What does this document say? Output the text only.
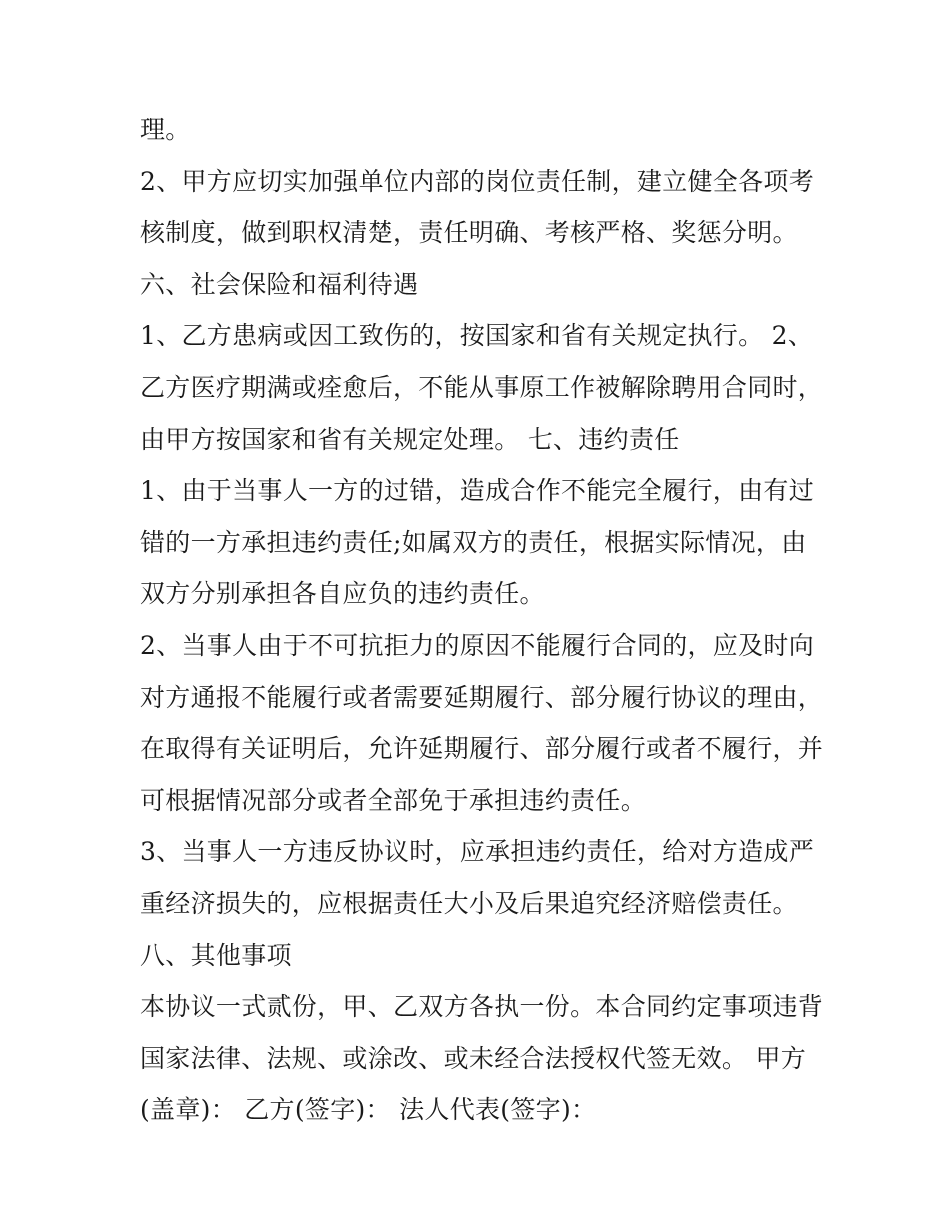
理。
2、甲方应切实加强单位内部的岗位责任制，建立健全各项考
核制度，做到职权清楚，责任明确、考核严格、奖惩分明。
六、社会保险和福利待遇
1、乙方患病或因工致伤的，按国家和省有关规定执行。 2、
乙方医疗期满或痊愈后，不能从事原工作被解除聘用合同时，
由甲方按国家和省有关规定处理。 七、违约责任
1、由于当事人一方的过错，造成合作不能完全履行，由有过
错的一方承担违约责任;如属双方的责任，根据实际情况，由
双方分别承担各自应负的违约责任。
2、当事人由于不可抗拒力的原因不能履行合同的，应及时向
对方通报不能履行或者需要延期履行、部分履行协议的理由，
在取得有关证明后，允许延期履行、部分履行或者不履行，并
可根据情况部分或者全部免于承担违约责任。
3、当事人一方违反协议时，应承担违约责任，给对方造成严
重经济损失的，应根据责任大小及后果追究经济赔偿责任。
八、其他事项
本协议一式贰份，甲、乙双方各执一份。本合同约定事项违背
国家法律、法规、或涂改、或未经合法授权代签无效。 甲方
(盖章)： 乙方(签字)： 法人代表(签字)：
